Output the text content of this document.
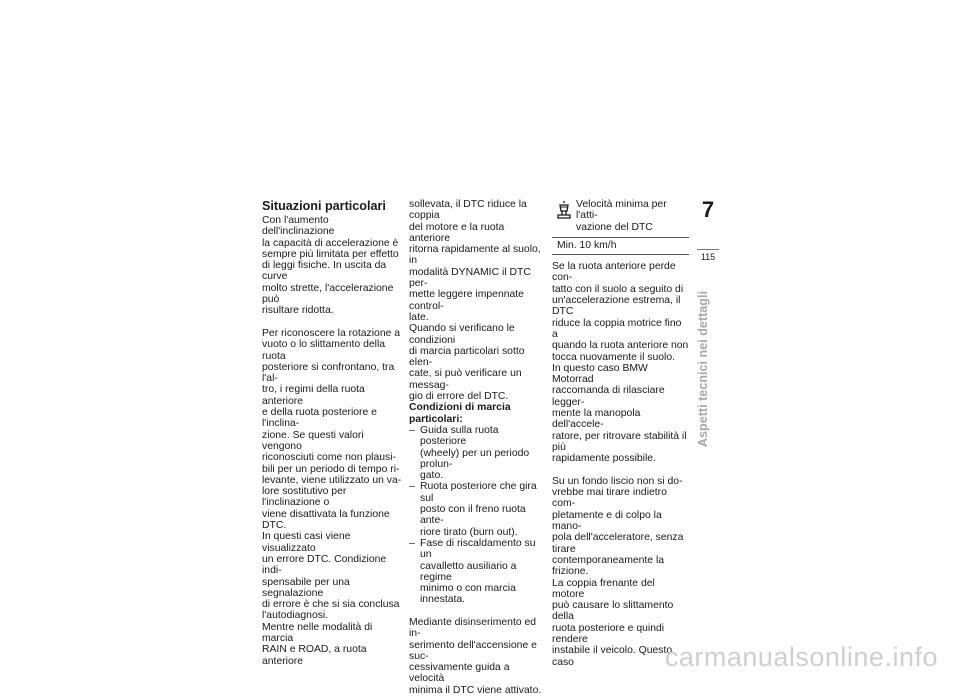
Situazioni particolari

Con l'aumento dell'inclinazione
la capacità di accelerazione è
sempre più limitata per effetto
di leggi fisiche. In uscita da curve
molto strette, l'accelerazione può
risultare ridotta.

Per riconoscere la rotazione a
vuoto o lo slittamento della ruota
posteriore si confrontano, tra l'al-
tro, i regimi della ruota anteriore
e della ruota posteriore e l'inclina-
zione. Se questi valori vengono
riconosciuti come non plausi-
bili per un periodo di tempo ri-
levante, viene utilizzato un va-
lore sostitutivo per l'inclinazione o
viene disattivata la funzione DTC.
In questi casi viene visualizzato
un errore DTC. Condizione indi-
spensabile per una segnalazione
di errore è che si sia conclusa
l'autodiagnosi.
Mentre nelle modalità di marcia
RAIN e ROAD, a ruota anteriore

sollevata, il DTC riduce la coppia
del motore e la ruota anteriore
ritorna rapidamente al suolo, in
modalità DYNAMIC il DTC per-
mette leggere impennate control-
late.
Quando si verificano le condizioni
di marcia particolari sotto elen-
cate, si può verificare un messag-
gio di errore del DTC.

Condizioni di marcia
particolari:

– Guida sulla ruota posteriore
(wheely) per un periodo prolun-
gato.
– Ruota posteriore che gira sul
posto con il freno ruota ante-
riore tirato (burn out).
– Fase di riscaldamento su un
cavalletto ausiliario a regime
minimo o con marcia innestata.

Mediante disinserimento ed in-
serimento dell'accensione e suc-
cessivamente guida a velocità
minima il DTC viene attivato.

Velocità minima per l'atti-
vazione del DTC
Min. 10 km/h

Se la ruota anteriore perde con-
tatto con il suolo a seguito di
un'accelerazione estrema, il DTC
riduce la coppia motrice fino a
quando la ruota anteriore non
tocca nuovamente il suolo.
In questo caso BMW Motorrad
raccomanda di rilasciare legger-
mente la manopola dell'accele-
ratore, per ritrovare stabilità il più
rapidamente possibile.

Su un fondo liscio non si do-
vrebbe mai tirare indietro com-
pletamente e di colpo la mano-
pola dell'acceleratore, senza tirare
contemporaneamente la frizione.
La coppia frenante del motore
può causare lo slittamento della
ruota posteriore e quindi rendere
instabile il veicolo. Questo caso

7
115
Aspetti tecnici nei dettagli
carmanualsonline.info
